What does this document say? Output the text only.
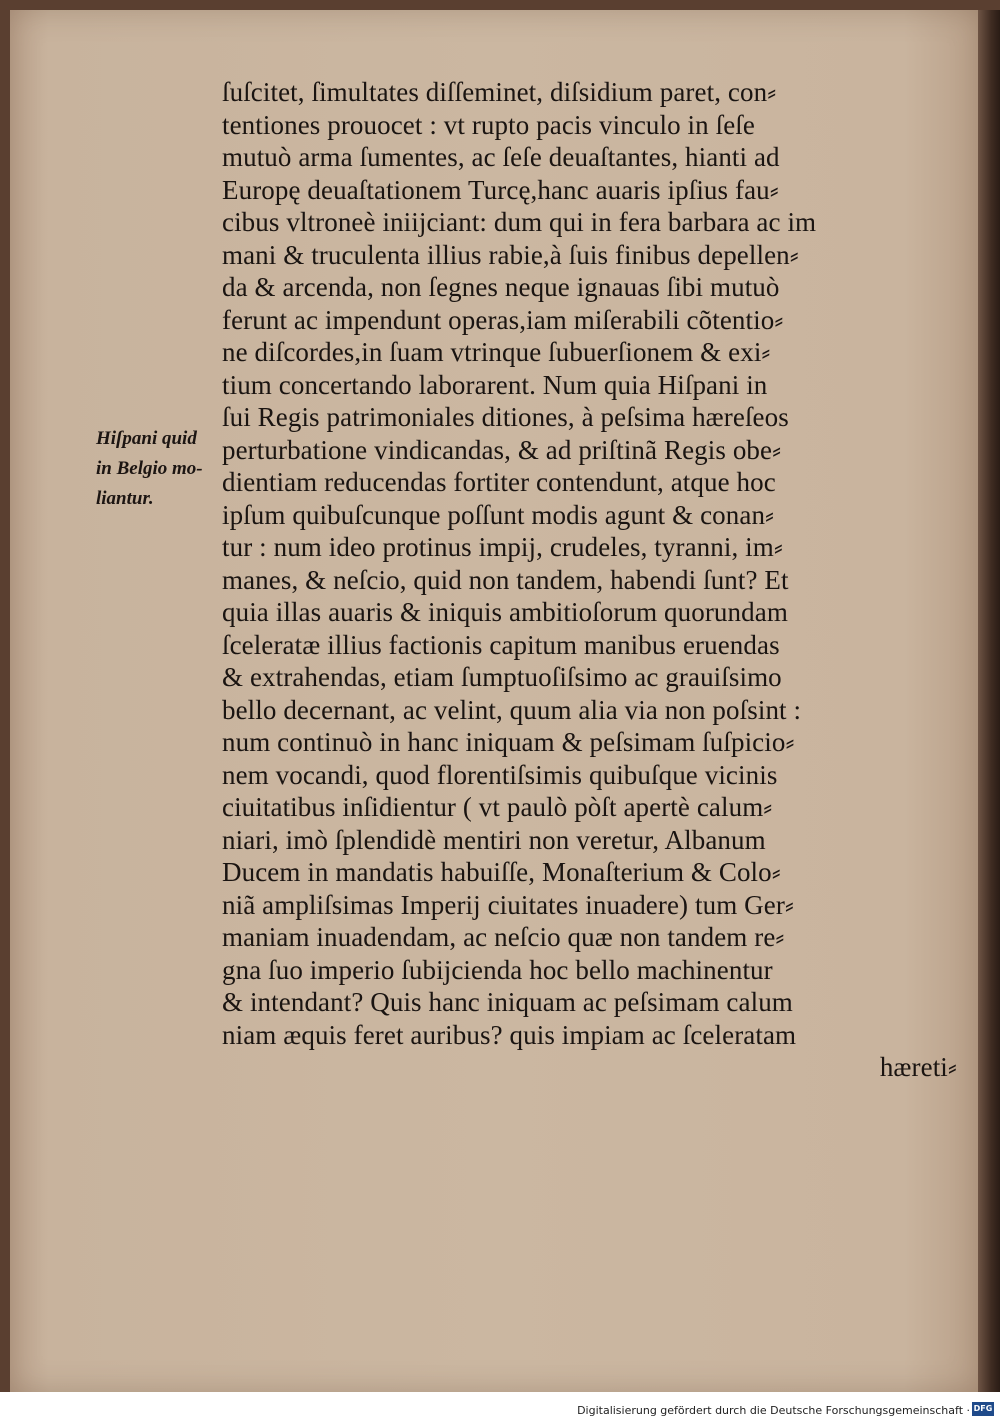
Hiſpani quid
in Belgio mo-
liantur.
ſuſcitet, ſimultates diſſeminet, diſsidium paret, con⸗
tentiones prouocet : vt rupto pacis vinculo in ſeſe
mutuò arma ſumentes, ac ſeſe deuaſtantes, hianti ad
Europę deuaſtationem Turcę,hanc auaris ipſius fau⸗
cibus vltroneè iniijciant: dum qui in fera barbara ac im
mani & truculenta illius rabie,à ſuis finibus depellen⸗
da & arcenda, non ſegnes neque ignauas ſibi mutuò
ferunt ac impendunt operas,iam miſerabili cõtentio⸗
ne diſcordes,in ſuam vtrinque ſubuerſionem & exi⸗
tium concertando laborarent. Num quia Hiſpani in
ſui Regis patrimoniales ditiones, à peſsima hæreſeos
perturbatione vindicandas, & ad priſtinã Regis obe⸗
dientiam reducendas fortiter contendunt, atque hoc
ipſum quibuſcunque poſſunt modis agunt & conan⸗
tur : num ideo protinus impij, crudeles, tyranni, im⸗
manes, & neſcio, quid non tandem, habendi ſunt? Et
quia illas auaris & iniquis ambitioſorum quorundam
ſceleratæ illius factionis capitum manibus eruendas
& extrahendas, etiam ſumptuoſiſsimo ac grauiſsimo
bello decernant, ac velint, quum alia via non poſsint :
num continuò in hanc iniquam & peſsimam ſuſpicio⸗
nem vocandi, quod florentiſsimis quibuſque vicinis
ciuitatibus inſidientur ( vt paulò pòſt apertè calum⸗
niari, imò ſplendidè mentiri non veretur, Albanum
Ducem in mandatis habuiſſe, Monaſterium & Colo⸗
niã ampliſsimas Imperij ciuitates inuadere) tum Ger⸗
maniam inuadendam, ac neſcio quæ non tandem re⸗
gna ſuo imperio ſubijcienda hoc bello machinentur
& intendant? Quis hanc iniquam ac peſsimam calum
niam æquis feret auribus? quis impiam ac ſceleratam
hæreti⸗
Digitalisierung gefördert durch die Deutsche Forschungsgemeinschaft · DFG
